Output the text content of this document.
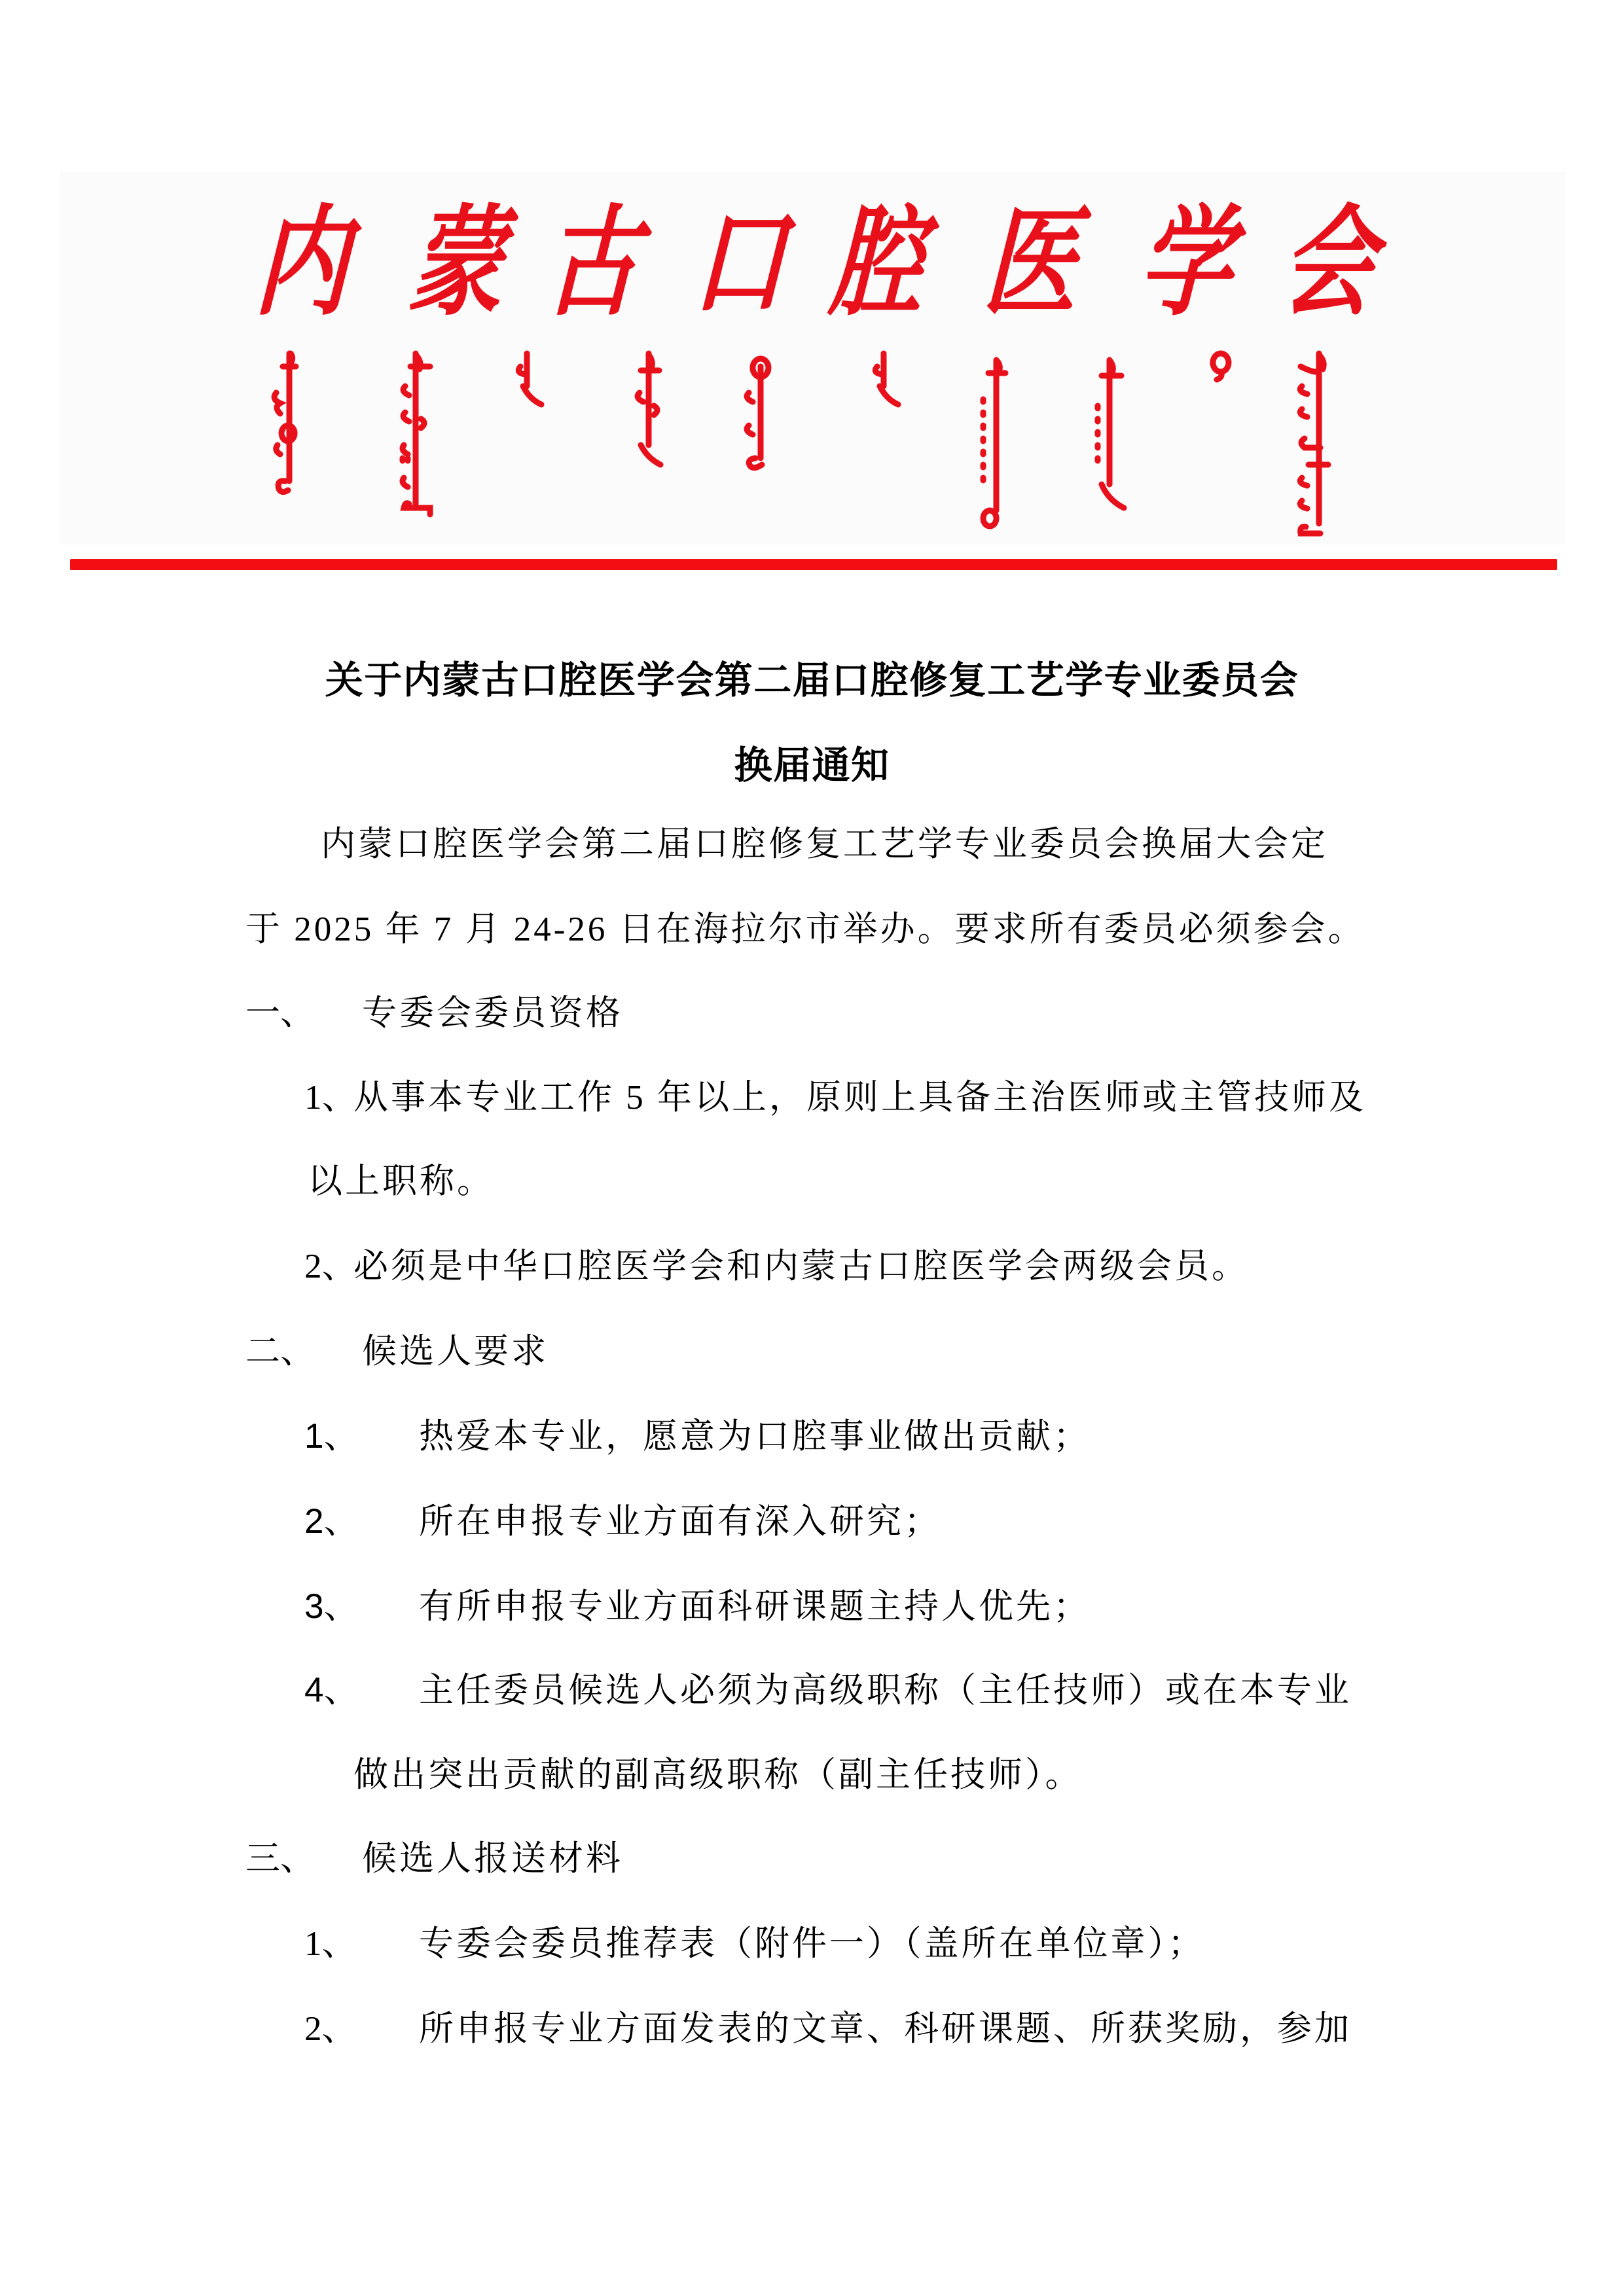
内 蒙 古 口 腔 医 学 会
关于内蒙古口腔医学会第二届口腔修复工艺学专业委员会
换届通知
内蒙口腔医学会第二届口腔修复工艺学专业委员会换届大会定
于 2025 年 7 月 24-26 日在海拉尔市举办。要求所有委员必须参会。
一、 专委会委员资格
1、
从事本专业工作 5 年以上，原则上具备主治医师或主管技师及
以上职称。
2、
必须是中华口腔医学会和内蒙古口腔医学会两级会员。
二、 候选人要求
1、 热爱本专业，愿意为口腔事业做出贡献；
2、 所在申报专业方面有深入研究；
3、 有所申报专业方面科研课题主持人优先；
4、 主任委员候选人必须为高级职称（主任技师）或在本专业
做出突出贡献的副高级职称（副主任技师）。
三、 候选人报送材料
1、 专委会委员推荐表（附件一）（盖所在单位章）；
2、 所申报专业方面发表的文章、科研课题、所获奖励，参加
